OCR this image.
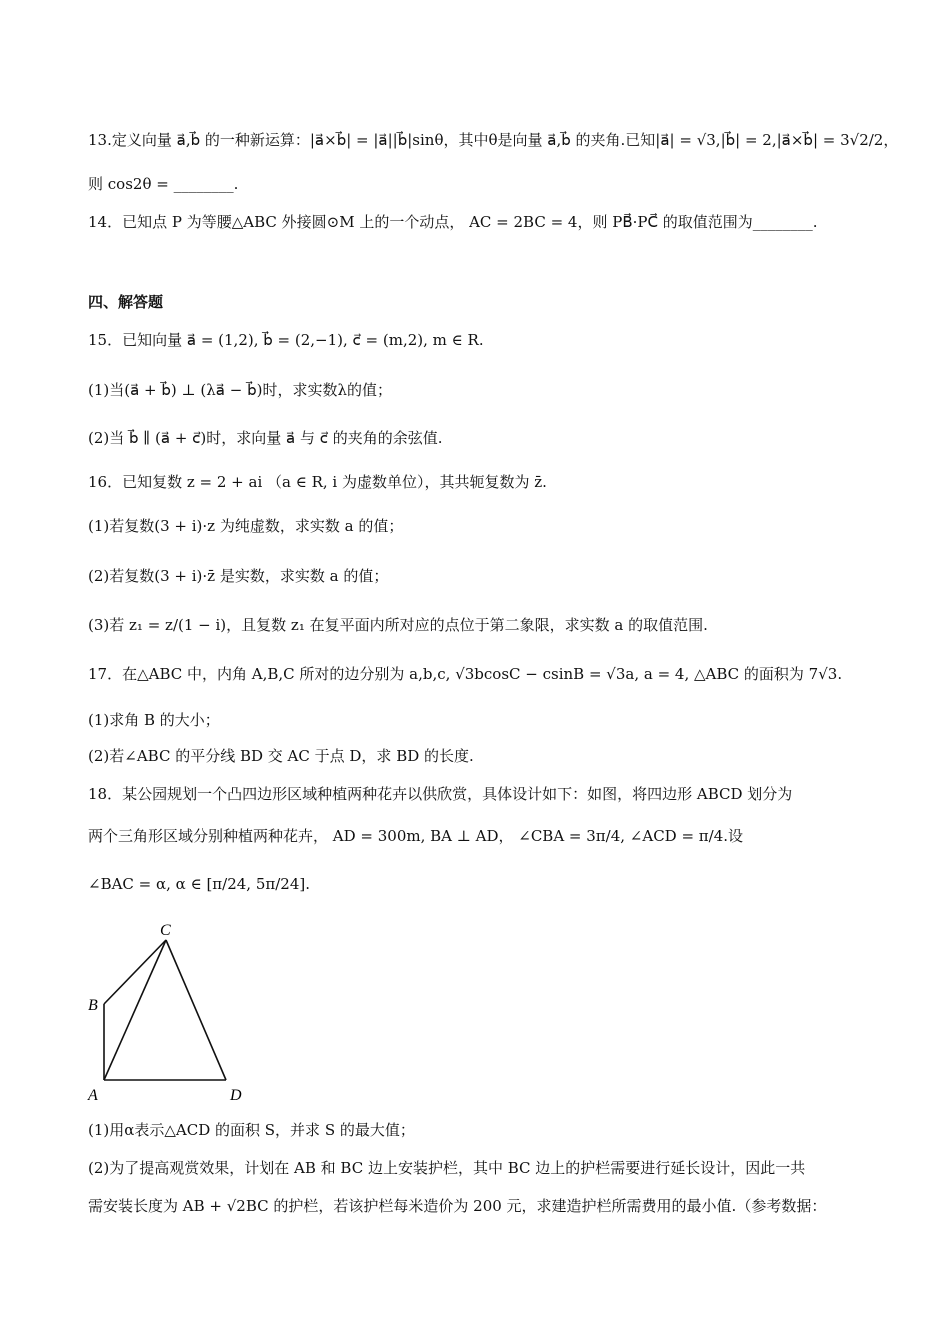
13.定义向量 a⃗,b⃗ 的一种新运算：|a⃗×b⃗| = |a⃗||b⃗|sinθ，其中θ是向量 a⃗,b⃗ 的夹角.已知|a⃗| = √3,|b⃗| = 2,|a⃗×b⃗| = 3√2/2，
则 cos2θ = ________.
14．已知点 P 为等腰△ABC 外接圆⊙M 上的一个动点， AC = 2BC = 4，则 PB⃗·PC⃗ 的取值范围为________.
四、解答题
15．已知向量 a⃗ = (1,2), b⃗ = (2,−1), c⃗ = (m,2), m ∈ R.
(1)当(a⃗ + b⃗) ⊥ (λa⃗ − b⃗)时，求实数λ的值；
(2)当 b⃗ ∥ (a⃗ + c⃗)时，求向量 a⃗ 与 c⃗ 的夹角的余弦值.
16．已知复数 z = 2 + ai （a ∈ R, i 为虚数单位），其共轭复数为 z̄.
(1)若复数(3 + i)·z 为纯虚数，求实数 a 的值；
(2)若复数(3 + i)·z̄ 是实数，求实数 a 的值；
(3)若 z₁ = z/(1 − i)，且复数 z₁ 在复平面内所对应的点位于第二象限，求实数 a 的取值范围.
17．在△ABC 中，内角 A,B,C 所对的边分别为 a,b,c, √3bcosC − csinB = √3a, a = 4, △ABC 的面积为 7√3.
(1)求角 B 的大小；
(2)若∠ABC 的平分线 BD 交 AC 于点 D，求 BD 的长度.
18．某公园规划一个凸四边形区域种植两种花卉以供欣赏，具体设计如下：如图，将四边形 ABCD 划分为
两个三角形区域分别种植两种花卉， AD = 300m, BA ⊥ AD， ∠CBA = 3π/4, ∠ACD = π/4.设
∠BAC = α, α ∈ [π/24, 5π/24].
C
B
A	D
(1)用α表示△ACD 的面积 S，并求 S 的最大值；
(2)为了提高观赏效果，计划在 AB 和 BC 边上安装护栏，其中 BC 边上的护栏需要进行延长设计，因此一共
需安装长度为 AB + √2BC 的护栏，若该护栏每米造价为 200 元，求建造护栏所需费用的最小值.（参考数据：
